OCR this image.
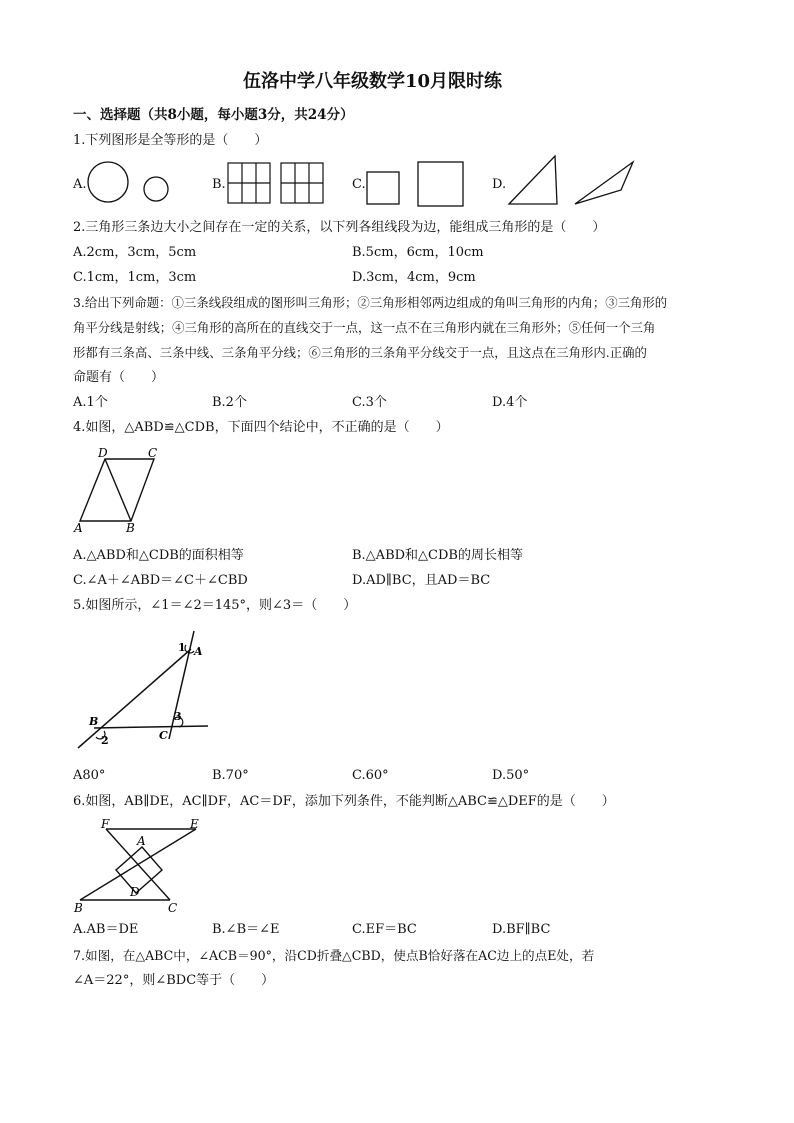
伍洛中学八年级数学10月限时练
一、选择题（共8小题，每小题3分，共24分）
1.下列图形是全等形的是（　　）
A.	B.	C.	D.
2.三角形三条边大小之间存在一定的关系，以下列各组线段为边，能组成三角形的是（　　）
A.2cm，3cm，5cm	B.5cm，6cm，10cm
C.1cm，1cm，3cm	D.3cm，4cm，9cm
3.给出下列命题：①三条线段组成的图形叫三角形；②三角形相邻两边组成的角叫三角形的内角；③三角形的
角平分线是射线；④三角形的高所在的直线交于一点，这一点不在三角形内就在三角形外；⑤任何一个三角
形都有三条高、三条中线、三条角平分线；⑥三角形的三条角平分线交于一点，且这点在三角形内.正确的
命题有（　　）
A.1个	B.2个	C.3个	D.4个
4.如图，△ABD≌△CDB，下面四个结论中，不正确的是（　　）
D	C
A	B
A.△ABD和△CDB的面积相等	B.△ABD和△CDB的周长相等
C.∠A＋∠ABD＝∠C＋∠CBD	D.AD∥BC，且AD＝BC
5.如图所示，∠1＝∠2＝145°，则∠3＝（　　）
1 A
B
2	C
3
A80°	B.70°	C.60°	D.50°
6.如图，AB∥DE，AC∥DF，AC＝DF，添加下列条件，不能判断△ABC≌△DEF的是（　　）
F	E
A
D
B	C
A.AB＝DE	B.∠B＝∠E	C.EF＝BC	D.BF∥BC
7.如图，在△ABC中，∠ACB＝90°，沿CD折叠△CBD，使点B恰好落在AC边上的点E处，若
∠A＝22°，则∠BDC等于（　　）
